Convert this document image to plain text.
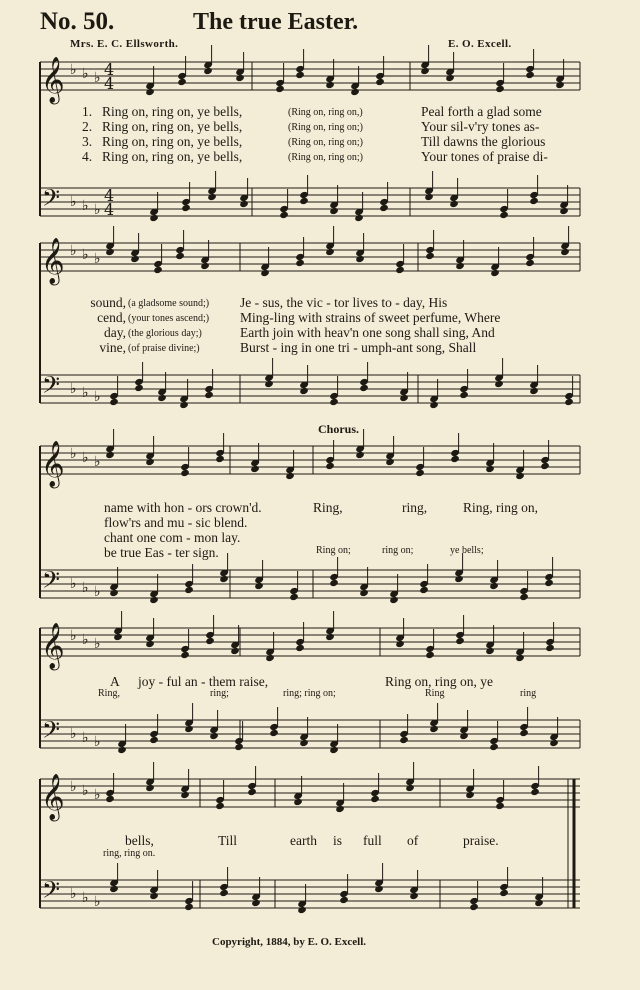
𝄞
𝄢
♭
♭
♭
♭
♭
♭
4
4
4
4
𝄞
𝄢
♭
♭
♭
♭
♭
♭
𝄞
𝄢
♭
♭
♭
♭
♭
♭
𝄞
𝄢
♭
♭
♭
♭
♭
♭
𝄞
𝄢
♭
♭
♭
♭
♭
♭
No. 50.	The true Easter.
Mrs. E. C. Ellsworth.	E. O. Excell.
1.
2.
3.
4.
Ring on, ring on, ye bells,
Ring on, ring on, ye bells,
Ring on, ring on, ye bells,
Ring on, ring on, ye bells,
(Ring on, ring on,)
(Ring on, ring on;)
(Ring on, ring on;)
(Ring on, ring on;)
Peal forth a glad some
Your sil-v'ry tones as-
Till dawns the glorious
Your tones of praise di-
sound,
cend,
day,
vine,
(a gladsome sound;)
(your tones ascend;)
(the glorious day;)
(of praise divine;)
Je - sus, the vic - tor lives to - day, His
Ming-ling with strains of sweet perfume, Where
Earth join with heav'n one song shall sing, And
Burst - ing in one tri - umph-ant song, Shall
Chorus.
name with hon - ors crown'd.
flow'rs and mu - sic blend.
chant one com - mon lay.
be true Eas - ter sign.
Ring,	ring,	Ring, ring on,
Ring on;	ring on;	ye bells;
A joy - ful an - them raise,	Ring on, ring on, ye
Ring,	ring;	ring; ring on;	Ring	ring
bells,	Till	earth is full of	praise.
ring, ring on.
Copyright, 1884, by E. O. Excell.
